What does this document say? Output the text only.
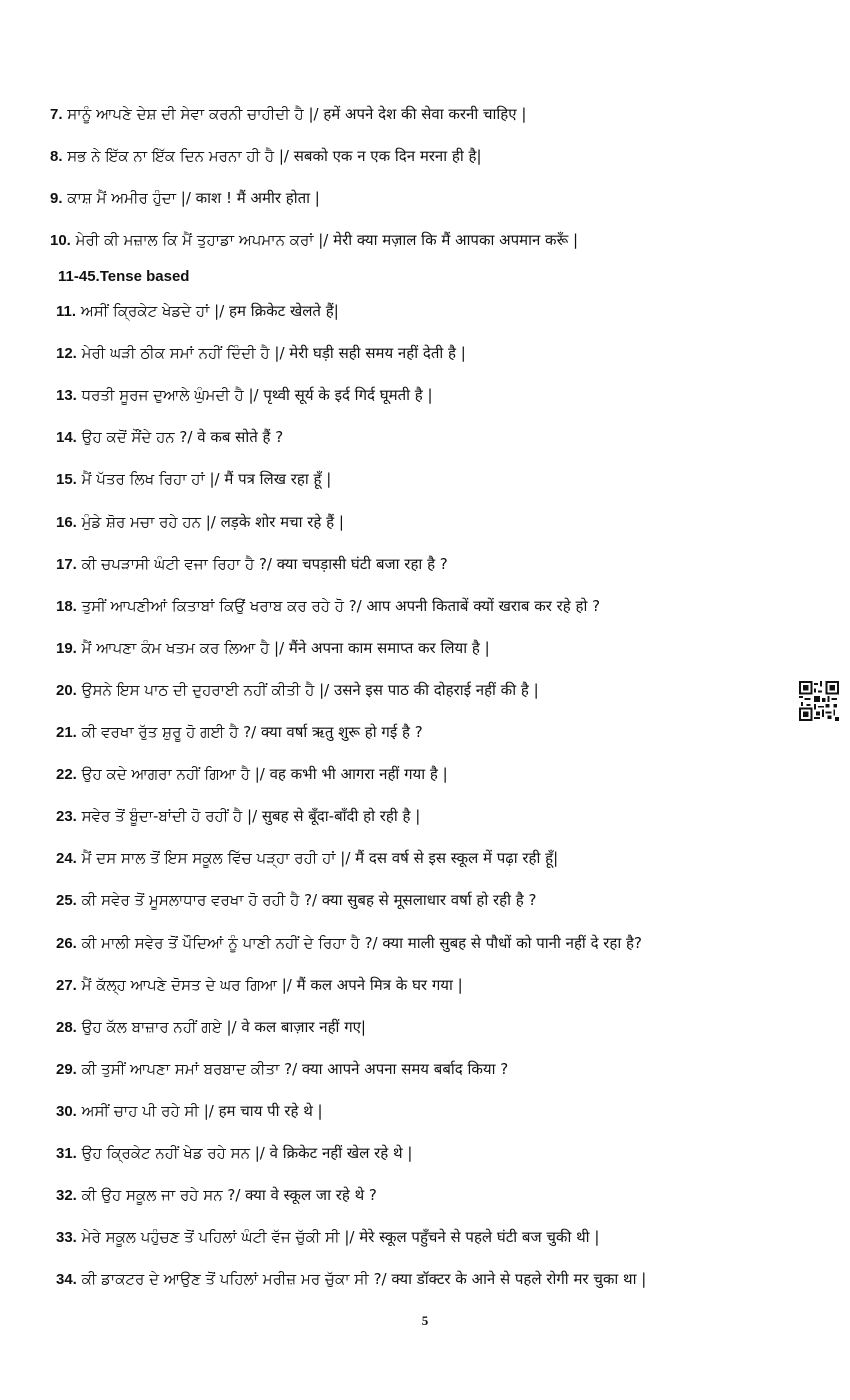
7. ਸਾਨੂੰ ਆਪਣੇ ਦੇਸ਼ ਦੀ ਸੇਵਾ ਕਰਨੀ ਚਾਹੀਦੀ ਹੈ |/ हमें अपने देश की सेवा करनी चाहिए |
8. ਸਭ ਨੇ ਇੱਕ ਨਾ ਇੱਕ ਦਿਨ ਮਰਨਾ ਹੀ ਹੈ |/ सबको एक न एक दिन मरना ही है|
9. ਕਾਸ਼ ਮੈਂ ਅਮੀਰ ਹੁੰਦਾ |/ काश ! मैं अमीर होता |
10. ਮੇਰੀ ਕੀ ਮਜ਼ਾਲ ਕਿ ਮੈਂ ਤੁਹਾਡਾ ਅਪਮਾਨ ਕਰਾਂ |/ मेरी क्या मज़ाल कि मैं आपका अपमान करूँ |
11-45.Tense based
11. ਅਸੀਂ ਕ੍ਰਿਕੇਟ ਖੇਡਦੇ ਹਾਂ |/ हम क्रिकेट खेलते हैं|
12. ਮੇਰੀ ਘੜੀ ਠੀਕ ਸਮਾਂ ਨਹੀਂ ਦਿੰਦੀ ਹੈ |/ मेरी घड़ी सही समय नहीं देती है |
13. ਧਰਤੀ ਸੂਰਜ ਦੁਆਲੇ ਘੁੰਮਦੀ ਹੈ |/ पृथ्वी सूर्य के इर्द गिर्द घूमती है |
14. ਉਹ ਕਦੋਂ ਸੌਂਦੇ ਹਨ ?/ वे कब सोते हैं ?
15. ਮੈਂ ਪੱਤਰ ਲਿਖ ਰਿਹਾ ਹਾਂ |/ मैं पत्र लिख रहा हूँ |
16. ਮੁੰਡੇ ਸ਼ੋਰ ਮਚਾ ਰਹੇ ਹਨ |/ लड़के शोर मचा रहे हैं |
17. ਕੀ ਚਪੜਾਸੀ ਘੰਟੀ ਵਜਾ ਰਿਹਾ ਹੈ ?/ क्या चपड़ासी घंटी बजा रहा है ?
18. ਤੁਸੀਂ ਆਪਣੀਆਂ ਕਿਤਾਬਾਂ ਕਿਉਂ ਖਰਾਬ ਕਰ ਰਹੇ ਹੋ ?/ आप अपनी किताबें क्यों खराब कर रहे हो ?
19. ਮੈਂ ਆਪਣਾ ਕੰਮ ਖਤਮ ਕਰ ਲਿਆ ਹੈ |/ मैंने अपना काम समाप्त कर लिया है |
20. ਉਸਨੇ ਇਸ ਪਾਠ ਦੀ ਦੁਹਰਾਈ ਨਹੀਂ ਕੀਤੀ ਹੈ |/ उसने इस पाठ की दोहराई नहीं की है |
21. ਕੀ ਵਰਖਾ ਰੁੱਤ ਸ਼ੁਰੂ ਹੋ ਗਈ ਹੈ ?/ क्या वर्षा ऋतु शुरू हो गई है ?
22. ਉਹ ਕਦੇ ਆਗਰਾ ਨਹੀਂ ਗਿਆ ਹੈ |/ वह कभी भी आगरा नहीं गया है |
23. ਸਵੇਰ ਤੋਂ ਬੂੰਦਾ-ਬਾਂਦੀ ਹੋ ਰਹੀਂ ਹੈ |/ सुबह से बूँदा-बाँदी हो रही है |
24. ਮੈਂ ਦਸ ਸਾਲ ਤੋਂ ਇਸ ਸਕੂਲ ਵਿੱਚ ਪੜ੍ਹਾ ਰਹੀ ਹਾਂ |/ मैं दस वर्ष से इस स्कूल में पढ़ा रही हूँ|
25. ਕੀ ਸਵੇਰ ਤੋਂ ਮੂਸਲਾਧਾਰ ਵਰਖਾ ਹੋ ਰਹੀ ਹੈ ?/ क्या सुबह से मूसलाधार वर्षा हो रही है ?
26. ਕੀ ਮਾਲੀ ਸਵੇਰ ਤੋਂ ਪੌਦਿਆਂ ਨੂੰ ਪਾਣੀ ਨਹੀਂ ਦੇ ਰਿਹਾ ਹੈ ?/ क्या माली सुबह से पौधों को पानी नहीं दे रहा है?
27. ਮੈਂ ਕੱਲ੍ਹ ਆਪਣੇ ਦੋਸਤ ਦੇ ਘਰ ਗਿਆ |/ मैं कल अपने मित्र के घर गया |
28. ਉਹ ਕੱਲ ਬਾਜ਼ਾਰ ਨਹੀਂ ਗਏ |/ वे कल बाज़ार नहीं गए|
29. ਕੀ ਤੁਸੀਂ ਆਪਣਾ ਸਮਾਂ ਬਰਬਾਦ ਕੀਤਾ ?/ क्या आपने अपना समय बर्बाद किया ?
30. ਅਸੀਂ ਚਾਹ ਪੀ ਰਹੇ ਸੀ |/ हम चाय पी रहे थे |
31. ਉਹ ਕ੍ਰਿਕੇਟ ਨਹੀਂ ਖੇਡ ਰਹੇ ਸਨ |/ वे क्रिकेट नहीं खेल रहे थे |
32. ਕੀ ਉਹ ਸਕੂਲ ਜਾ ਰਹੇ ਸਨ ?/ क्या वे स्कूल जा रहे थे ?
33. ਮੇਰੇ ਸਕੂਲ ਪਹੁੰਚਣ ਤੋਂ ਪਹਿਲਾਂ ਘੰਟੀ ਵੱਜ ਚੁੱਕੀ ਸੀ |/ मेरे स्कूल पहुँचने से पहले घंटी बज चुकी थी |
34. ਕੀ ਡਾਕਟਰ ਦੇ ਆਉਣ ਤੋਂ ਪਹਿਲਾਂ ਮਰੀਜ਼ ਮਰ ਚੁੱਕਾ ਸੀ ?/ क्या डॉक्टर के आने से पहले रोगी मर चुका था |
5
